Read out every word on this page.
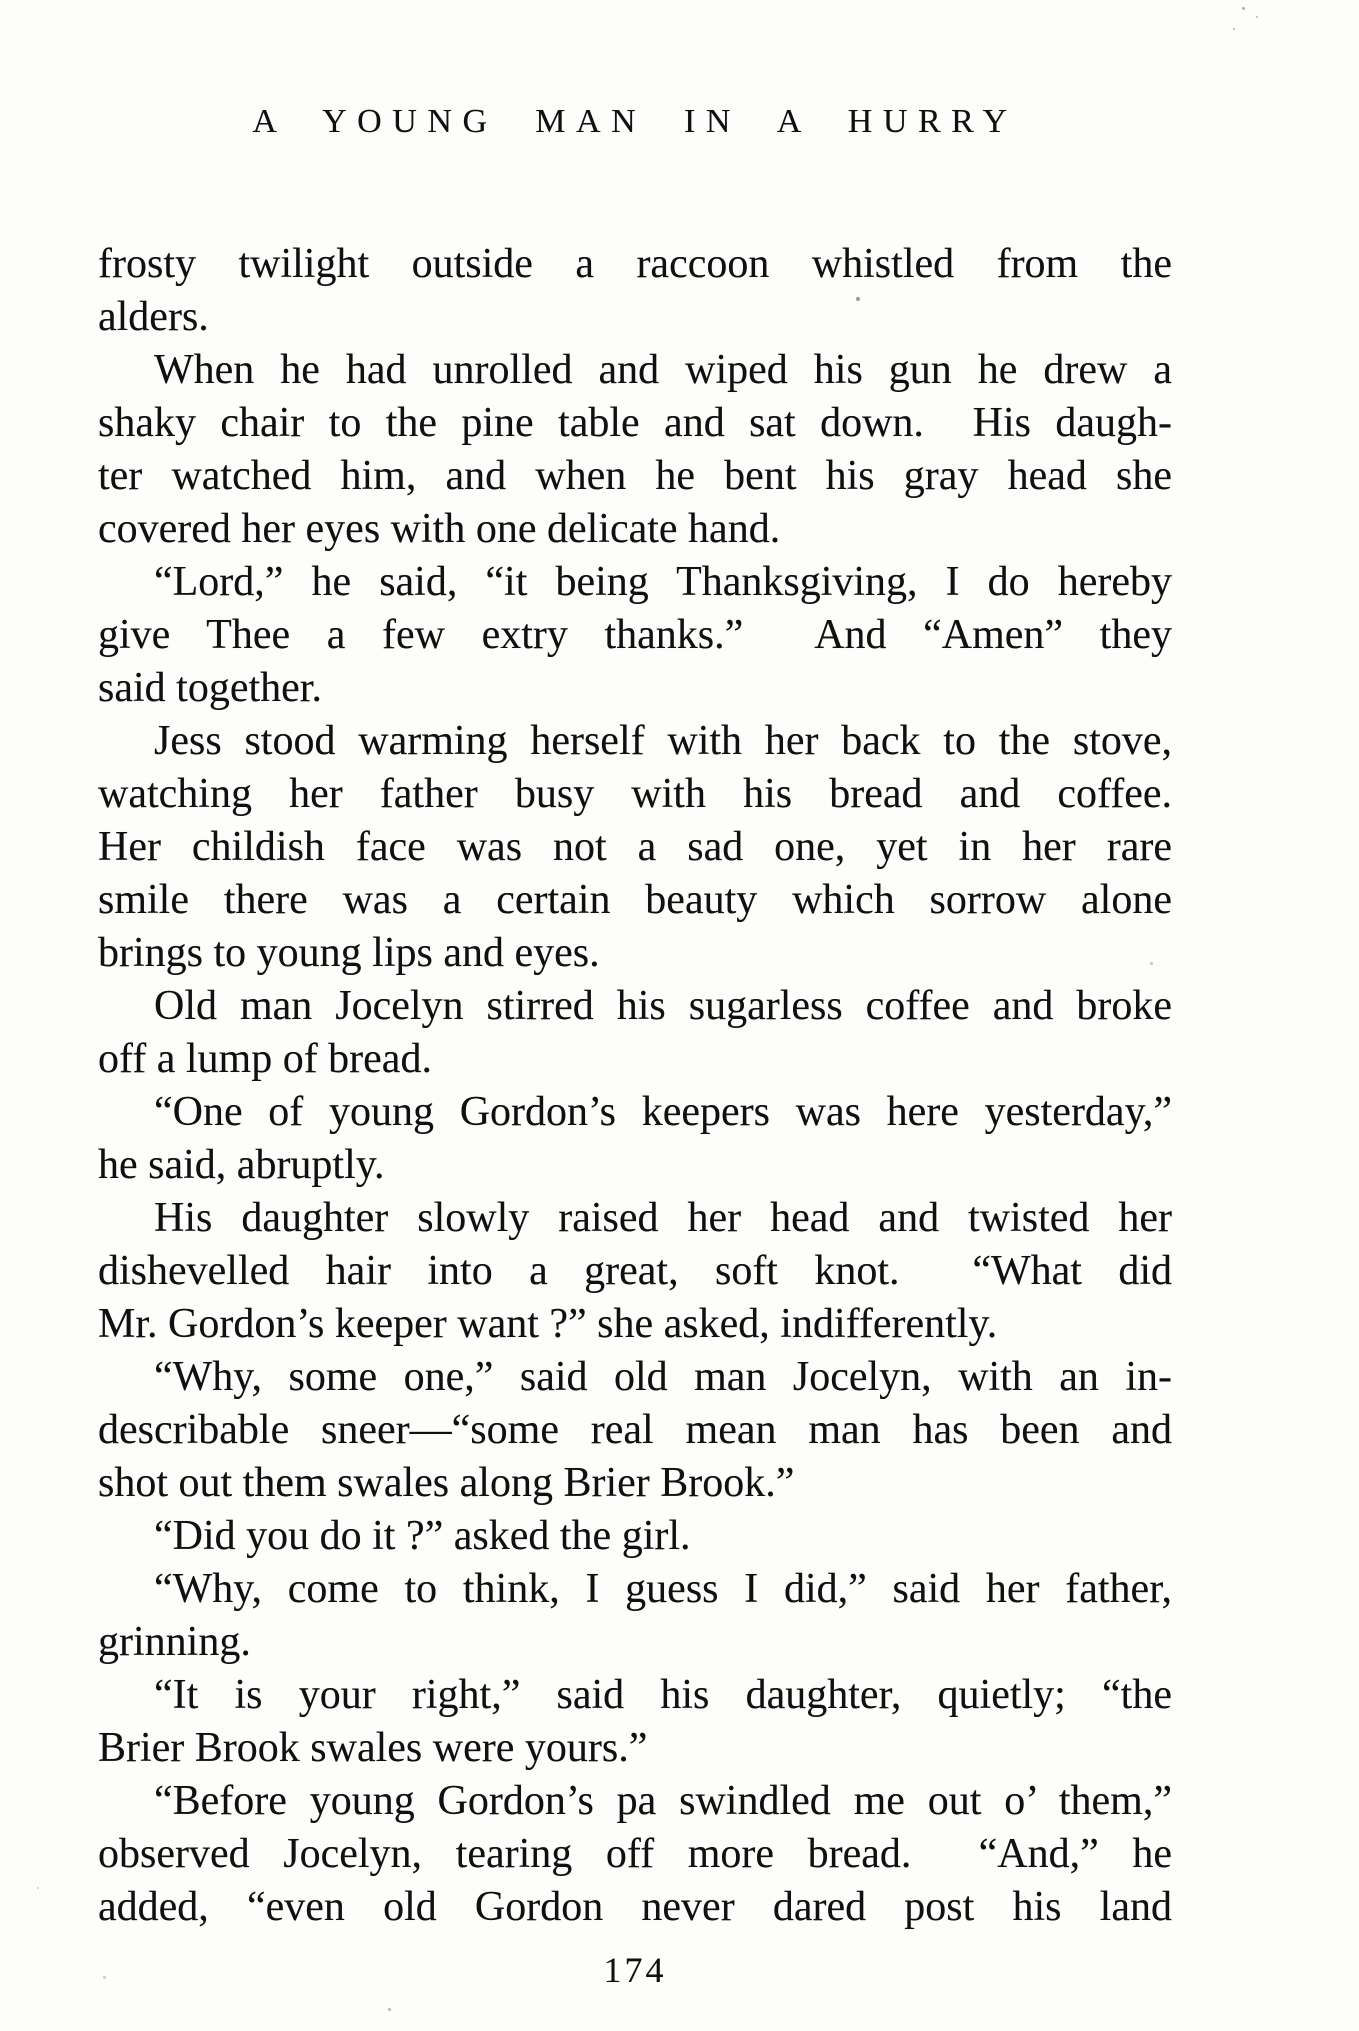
A YOUNG MAN IN A HURRY
frosty twilight outside a raccoon whistled from the
alders.
When he had unrolled and wiped his gun he drew a
shaky chair to the pine table and sat down.  His daugh-
ter watched him, and when he bent his gray head she
covered her eyes with one delicate hand.
“Lord,” he said, “it being Thanksgiving, I do hereby
give Thee a few extry thanks.”  And “Amen” they
said together.
Jess stood warming herself with her back to the stove,
watching her father busy with his bread and coffee.
Her childish face was not a sad one, yet in her rare
smile there was a certain beauty which sorrow alone
brings to young lips and eyes.
Old man Jocelyn stirred his sugarless coffee and broke
off a lump of bread.
“One of young Gordon’s keepers was here yesterday,”
he said, abruptly.
His daughter slowly raised her head and twisted her
dishevelled hair into a great, soft knot.  “What did
Mr. Gordon’s keeper want ?” she asked, indifferently.
“Why, some one,” said old man Jocelyn, with an in-
describable sneer—“some real mean man has been and
shot out them swales along Brier Brook.”
“Did you do it ?” asked the girl.
“Why, come to think, I guess I did,” said her father,
grinning.
“It is your right,” said his daughter, quietly; “the
Brier Brook swales were yours.”
“Before young Gordon’s pa swindled me out o’ them,”
observed Jocelyn, tearing off more bread.  “And,” he
added, “even old Gordon never dared post his land
174
